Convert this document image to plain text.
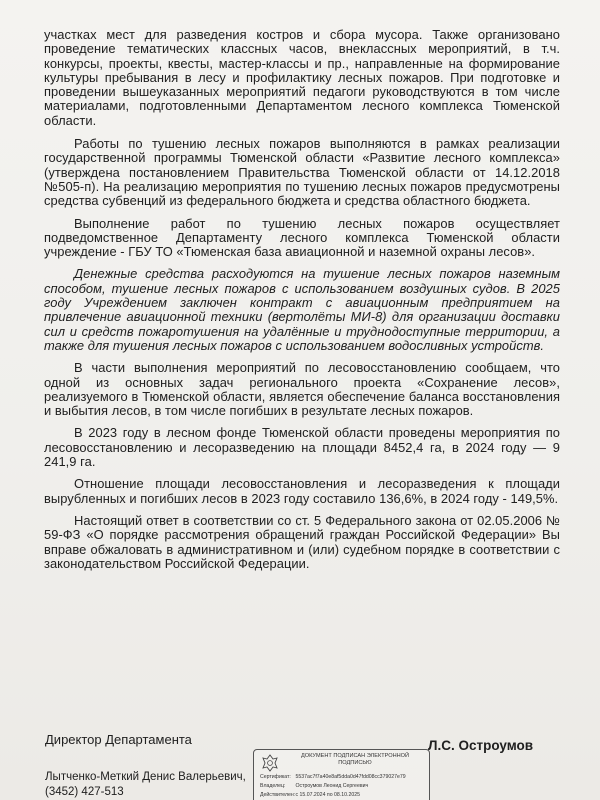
участках мест для разведения костров и сбора мусора. Также организовано проведение тематических классных часов, внеклассных мероприятий, в т.ч. конкурсы, проекты, квесты, мастер-классы и пр., направленные на формирование культуры пребывания в лесу и профилактику лесных пожаров. При подготовке и проведении вышеуказанных мероприятий педагоги руководствуются в том числе материалами, подготовленными Департаментом лесного комплекса Тюменской области.

Работы по тушению лесных пожаров выполняются в рамках реализации государственной программы Тюменской области «Развитие лесного комплекса» (утверждена постановлением Правительства Тюменской области от 14.12.2018 №505-п). На реализацию мероприятия по тушению лесных пожаров предусмотрены средства субвенций из федерального бюджета и средства областного бюджета.

Выполнение работ по тушению лесных пожаров осуществляет подведомственное Департаменту лесного комплекса Тюменской области учреждение - ГБУ ТО «Тюменская база авиационной и наземной охраны лесов».

Денежные средства расходуются на тушение лесных пожаров наземным способом, тушение лесных пожаров с использованием воздушных судов. В 2025 году Учреждением заключен контракт с авиационным предприятием на привлечение авиационной техники (вертолёты МИ-8) для организации доставки сил и средств пожаротушения на удалённые и труднодоступные территории, а также для тушения лесных пожаров с использованием водосливных устройств.

В части выполнения мероприятий по лесовосстановлению сообщаем, что одной из основных задач регионального проекта «Сохранение лесов», реализуемого в Тюменской области, является обеспечение баланса восстановления и выбытия лесов, в том числе погибших в результате лесных пожаров.

В 2023 году в лесном фонде Тюменской области проведены мероприятия по лесовосстановлению и лесоразведению на площади 8452,4 га, в 2024 году — 9 241,9 га.

Отношение площади лесовосстановления и лесоразведения к площади вырубленных и погибших лесов в 2023 году составило 136,6%, в 2024 году - 149,5%.

Настоящий ответ в соответствии со ст. 5 Федерального закона от 02.05.2006 № 59-ФЗ «О порядке рассмотрения обращений граждан Российской Федерации» Вы вправе обжаловать в административном и (или) судебном порядке в соответствии с законодательством Российской Федерации.

Директор Департамента	Л.С. Остроумов
Лытченко-Меткий Денис Валерьевич,
(3452) 427-513
ДОКУМЕНТ ПОДПИСАН ЭЛЕКТРОННОЙ ПОДПИСЬЮ
Сертификат: 5537ac7f7a40e8af5dda0d47fdd08cc379027e79
Владелец: Остроумов Леонид Сергеевич
Действителен: с 15.07.2024 по 08.10.2025
